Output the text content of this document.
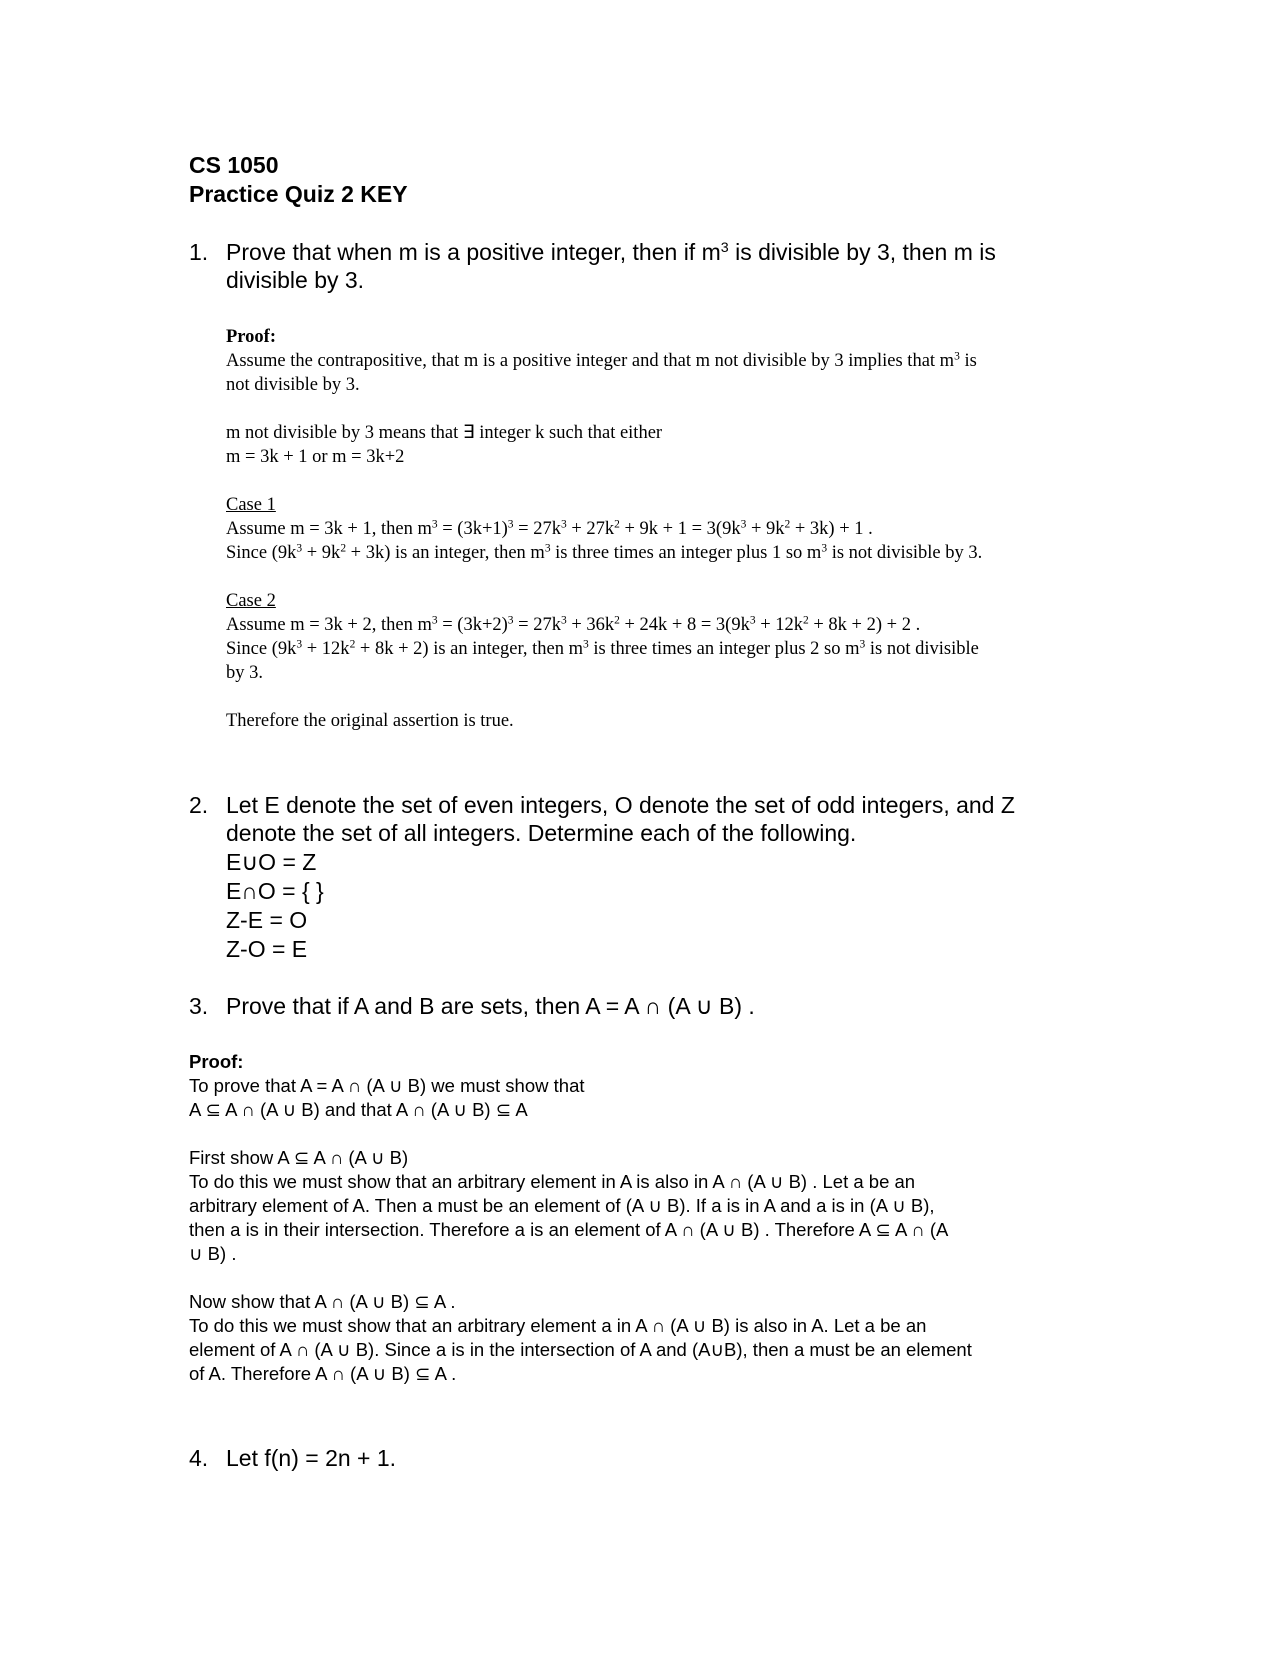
CS 1050
Practice Quiz 2 KEY
1. Prove that when m is a positive integer, then if $m^3$ is divisible by 3, then m is
divisible by 3.
Proof:
Assume the contrapositive, that m is a positive integer and that m not divisible by 3 implies that $m^3$ is
not divisible by 3.
m not divisible by 3 means that ∃ integer k such that either
m = 3k + 1 or m = 3k+2
Case 1
Assume m = 3k + 1, then $m^3 = (3k+1)^3 = 27k^3 + 27k^2 + 9k + 1 = 3(9k^3 + 9k^2 + 3k) + 1$ .
Since $(9k^3 + 9k^2 + 3k)$ is an integer, then $m^3$ is three times an integer plus 1 so $m^3$ is not divisible by 3.
Case 2
Assume m = 3k + 2, then $m^3 = (3k+2)^3 = 27k^3 + 36k^2 + 24k + 8 = 3(9k^3 + 12k^2 + 8k + 2) + 2$ .
Since $(9k^3 + 12k^2 + 8k + 2)$ is an integer, then $m^3$ is three times an integer plus 2 so $m^3$ is not divisible
by 3.
Therefore the original assertion is true.
2. Let E denote the set of even integers, O denote the set of odd integers, and Z
denote the set of all integers. Determine each of the following.
E∪O = Z
E∩O = { }
Z-E = O
Z-O = E
3. Prove that if A and B are sets, then A = A ∩ (A ∪ B) .
Proof:
To prove that A = A ∩ (A ∪ B) we must show that
A ⊆ A ∩ (A ∪ B) and that A ∩ (A ∪ B) ⊆ A
First show A ⊆ A ∩ (A ∪ B)
To do this we must show that an arbitrary element in A is also in A ∩ (A ∪ B) . Let a be an
arbitrary element of A. Then a must be an element of (A ∪ B). If a is in A and a is in (A ∪ B),
then a is in their intersection. Therefore a is an element of A ∩ (A ∪ B) . Therefore A ⊆ A ∩ (A
∪ B) .
Now show that A ∩ (A ∪ B) ⊆ A .
To do this we must show that an arbitrary element a in A ∩ (A ∪ B) is also in A. Let a be an
element of A ∩ (A ∪ B). Since a is in the intersection of A and (A∪B), then a must be an element
of A. Therefore A ∩ (A ∪ B) ⊆ A .
4. Let f(n) = 2n + 1.
